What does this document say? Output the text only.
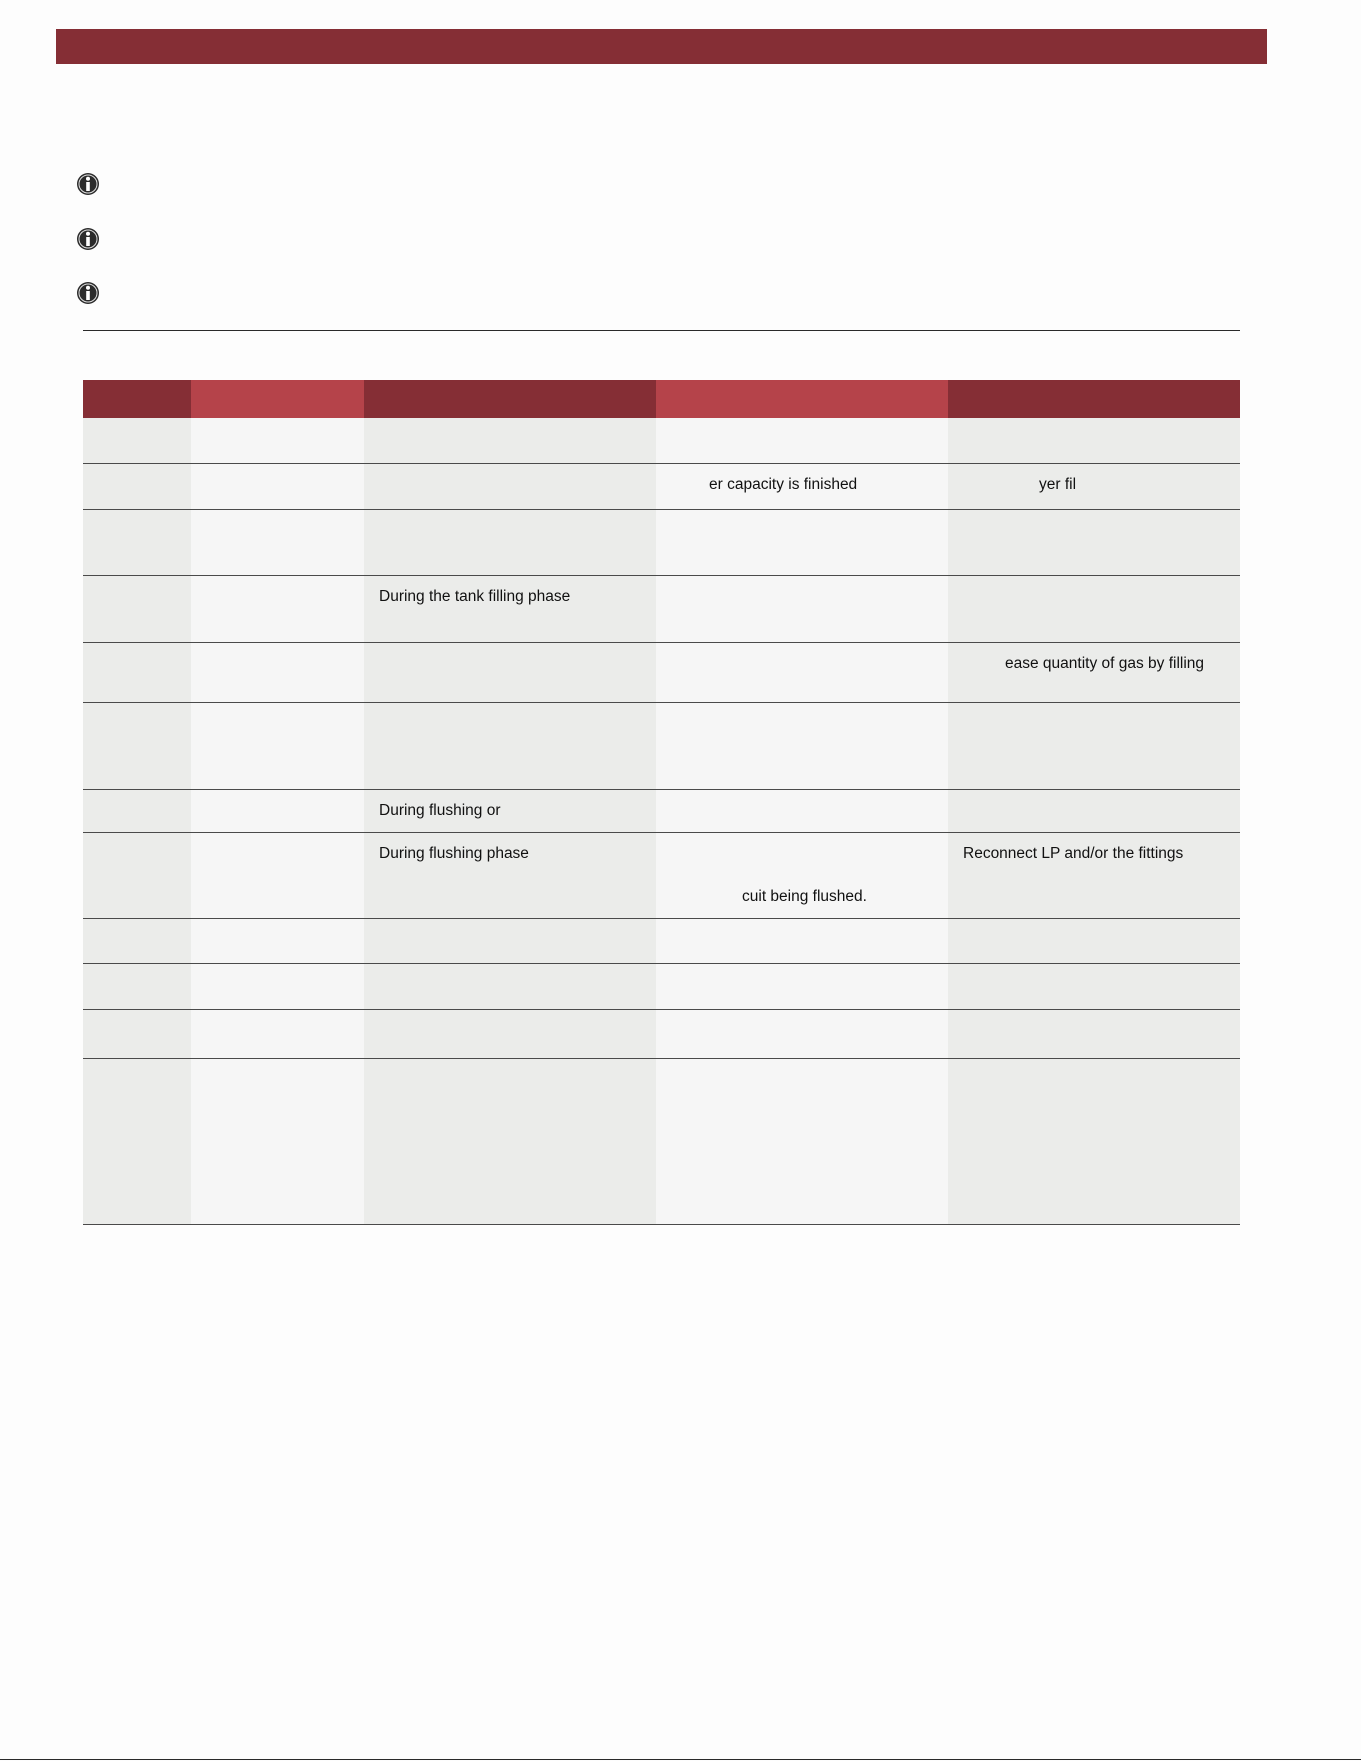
			er capacity is finished	yer fil

		During the tank filling phase		
				ease quantity of gas by filling

		During flushing or		
		During flushing phase	cuit being flushed.	Reconnect LP and/or the fittings
